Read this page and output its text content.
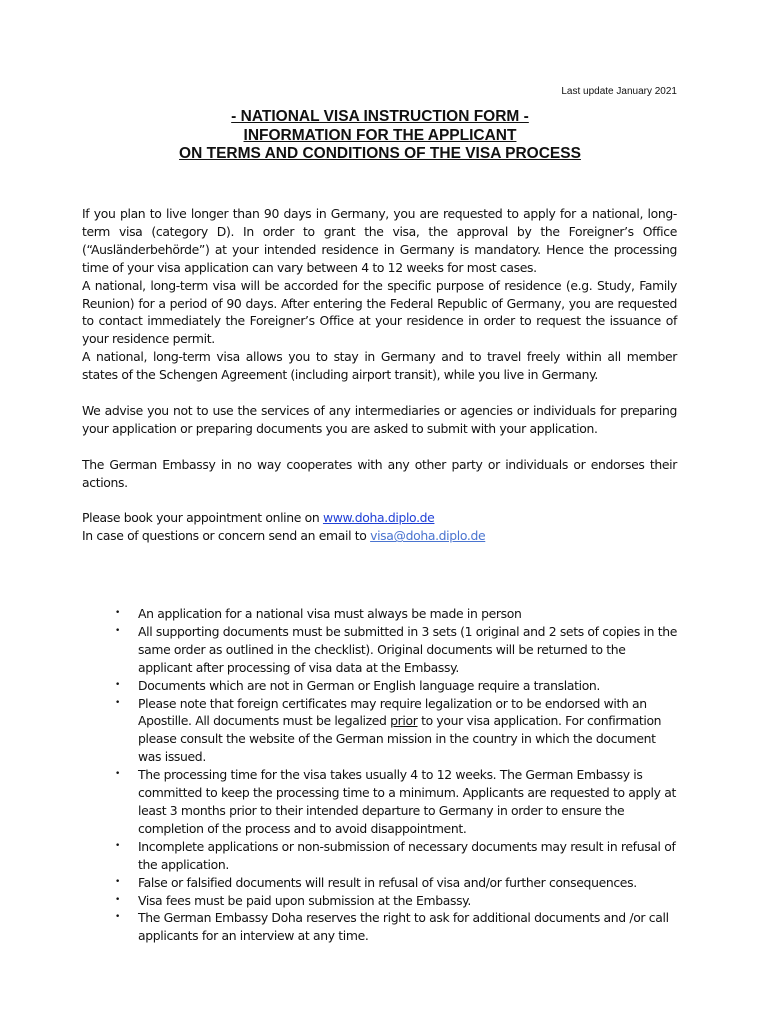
Last update January 2021
- NATIONAL VISA INSTRUCTION FORM -
INFORMATION FOR THE APPLICANT
ON TERMS AND CONDITIONS OF THE VISA PROCESS

If you plan to live longer than 90 days in Germany, you are requested to apply for a national, long-term visa (category D). In order to grant the visa, the approval by the Foreigner’s Office (“Ausländerbehörde”) at your intended residence in Germany is mandatory. Hence the processing time of your visa application can vary between 4 to 12 weeks for most cases.

A national, long-term visa will be accorded for the specific purpose of residence (e.g. Study, Family Reunion) for a period of 90 days. After entering the Federal Republic of Germany, you are requested to contact immediately the Foreigner’s Office at your residence in order to request the issuance of your residence permit.

A national, long-term visa allows you to stay in Germany and to travel freely within all member states of the Schengen Agreement (including airport transit), while you live in Germany.

We advise you not to use the services of any intermediaries or agencies or individuals for preparing your application or preparing documents you are asked to submit with your application.

The German Embassy in no way cooperates with any other party or individuals or endorses their actions.

Please book your appointment online on www.doha.diplo.de

In case of questions or concern send an email to visa@doha.diplo.de

• An application for a national visa must always be made in person
• All supporting documents must be submitted in 3 sets (1 original and 2 sets of copies in the same order as outlined in the checklist). Original documents will be returned to the applicant after processing of visa data at the Embassy.
• Documents which are not in German or English language require a translation.
• Please note that foreign certificates may require legalization or to be endorsed with an Apostille. All documents must be legalized prior to your visa application. For confirmation please consult the website of the German mission in the country in which the document was issued.
• The processing time for the visa takes usually 4 to 12 weeks. The German Embassy is committed to keep the processing time to a minimum. Applicants are requested to apply at least 3 months prior to their intended departure to Germany in order to ensure the completion of the process and to avoid disappointment.
• Incomplete applications or non-submission of necessary documents may result in refusal of the application.
• False or falsified documents will result in refusal of visa and/or further consequences.
• Visa fees must be paid upon submission at the Embassy.
• The German Embassy Doha reserves the right to ask for additional documents and /or call applicants for an interview at any time.
